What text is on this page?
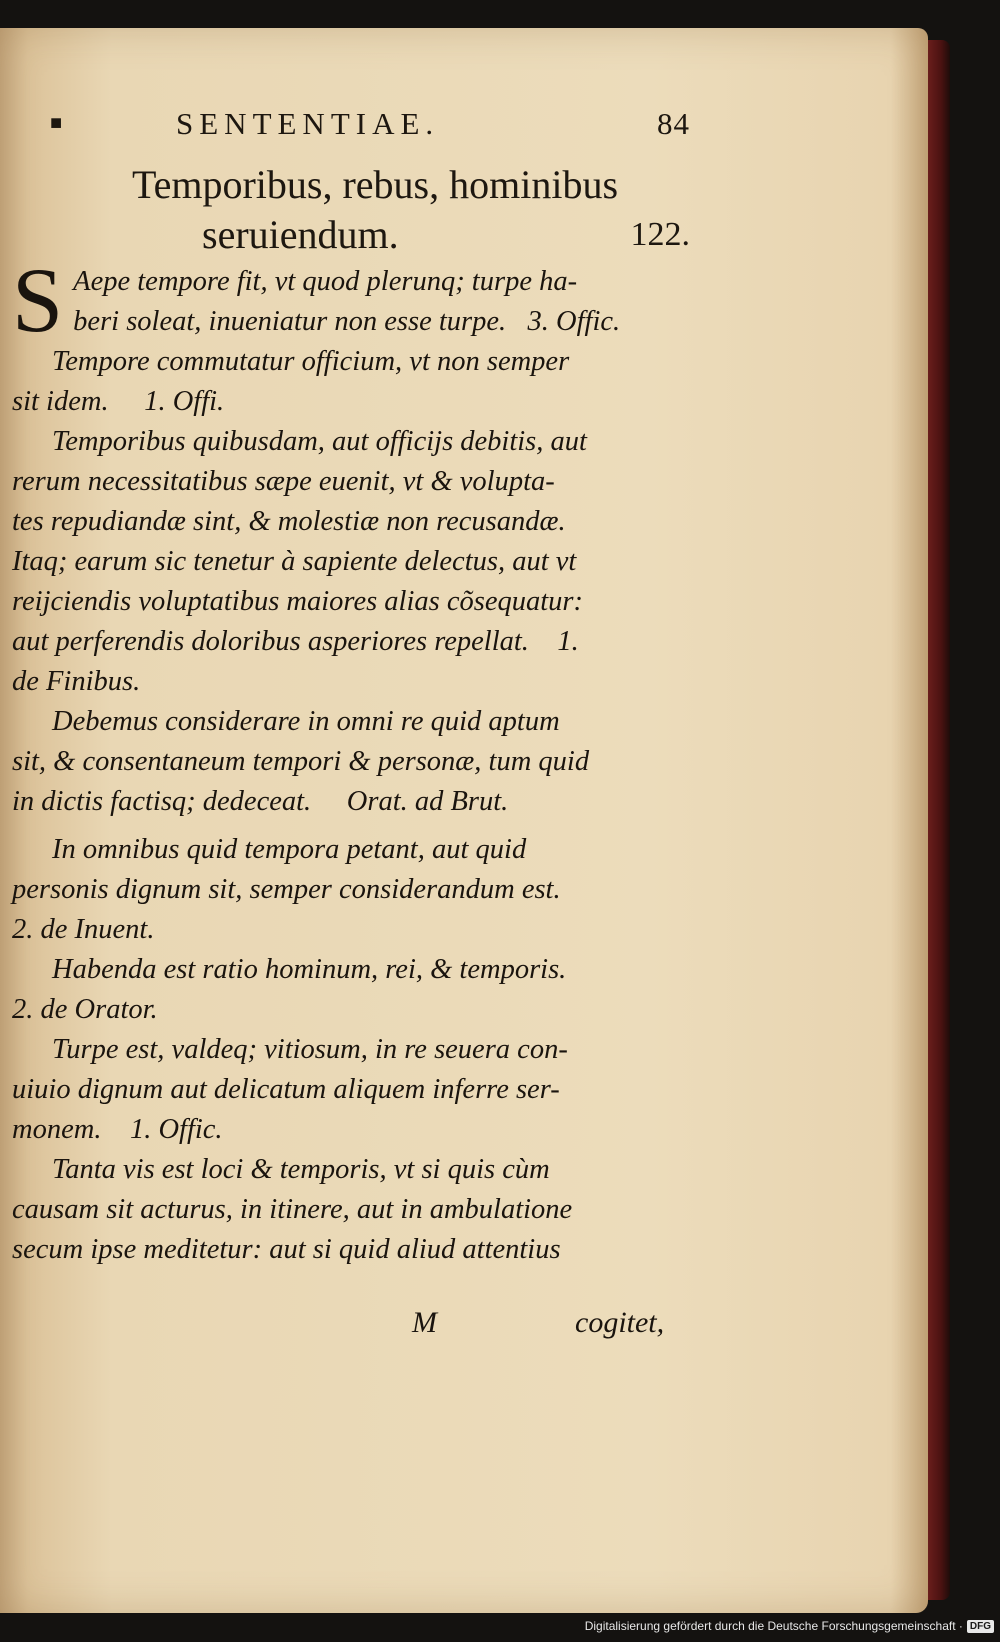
■	SENTENTIAE.	84
Temporibus, rebus, hominibus
seruiendum.	122.

S Aepe tempore fit, vt quod plerunq; turpe ha-
beri soleat, inueniatur non esse turpe.   3. Offic.

Tempore commutatur officium, vt non semper
sit idem.     1. Offi.

Temporibus quibusdam, aut officijs debitis, aut
rerum necessitatibus sæpe euenit, vt & volupta-
tes repudiandæ sint, & molestiæ non recusandæ.
Itaq; earum sic tenetur à sapiente delectus, aut vt
reijciendis voluptatibus maiores alias cõsequatur:
aut perferendis doloribus asperiores repellat.    1.
de Finibus.

Debemus considerare in omni re quid aptum
sit, & consentaneum tempori & personæ, tum quid
in dictis factisq; dedeceat.     Orat. ad Brut.

In omnibus quid tempora petant, aut quid
personis dignum sit, semper considerandum est.
2. de Inuent.

Habenda est ratio hominum, rei, & temporis.
2. de Orator.

Turpe est, valdeq; vitiosum, in re seuera con-
uiuio dignum aut delicatum aliquem inferre ser-
monem.    1. Offic.

Tanta vis est loci & temporis, vt si quis cùm
causam sit acturus, in itinere, aut in ambulatione
secum ipse meditetur: aut si quid aliud attentius

M	cogitet,
Digitalisierung gefördert durch die Deutsche Forschungsgemeinschaft · DFG
